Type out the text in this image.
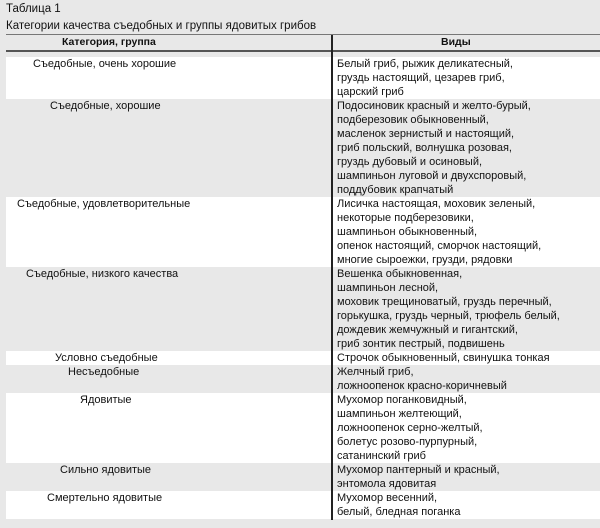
Таблица 1
Категории качества съедобных и группы ядовитых грибов
Категория, группа	Виды
Съедобные, очень хорошие	Белый гриб, рыжик деликатесный,
груздь настоящий, цезарев гриб,
царский гриб
Съедобные, хорошие	Подосиновик красный и желто-бурый,
подберезовик обыкновенный,
масленок зернистый и настоящий,
гриб польский, волнушка розовая,
груздь дубовый и осиновый,
шампиньон луговой и двухспоровый,
поддубовик крапчатый
Съедобные, удовлетворительные	Лисичка настоящая, моховик зеленый,
некоторые подберезовики,
шампиньон обыкновенный,
опенок настоящий, сморчок настоящий,
многие сыроежки, грузди, рядовки
Съедобные, низкого качества	Вешенка обыкновенная,
шампиньон лесной,
моховик трещиноватый, груздь перечный,
горькушка, груздь черный, трюфель белый,
дождевик жемчужный и гигантский,
гриб зонтик пестрый, подвишень
Условно съедобные	Строчок обыкновенный, свинушка тонкая
Несъедобные	Желчный гриб,
ложноопенок красно-коричневый
Ядовитые	Мухомор поганковидный,
шампиньон желтеющий,
ложноопенок серно-желтый,
болетус розово-пурпурный,
сатанинский гриб
Сильно ядовитые	Мухомор пантерный и красный,
энтомола ядовитая
Смертельно ядовитые	Мухомор весенний,
белый, бледная поганка
